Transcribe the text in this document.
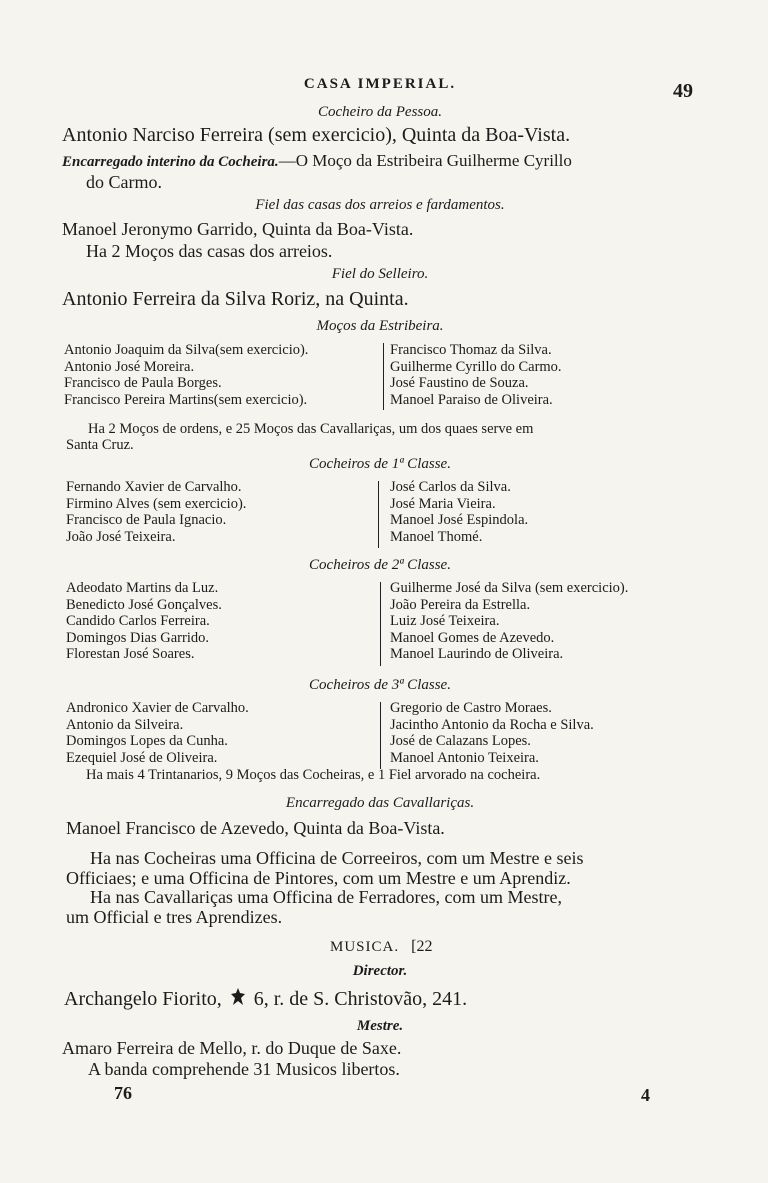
CASA IMPERIAL.	49
Cocheiro da Pessoa.
Antonio Narciso Ferreira (sem exercicio), Quinta da Boa-Vista.
Encarregado interino da Cocheira.—O Moço da Estribeira Guilherme Cyrillo
do Carmo.
Fiel das casas dos arreios e fardamentos.
Manoel Jeronymo Garrido, Quinta da Boa-Vista.
Ha 2 Moços das casas dos arreios.
Fiel do Selleiro.
Antonio Ferreira da Silva Roriz, na Quinta.
Moços da Estribeira.
Antonio Joaquim da Silva(sem exercicio).
Antonio José Moreira.
Francisco de Paula Borges.
Francisco Pereira Martins(sem exercicio).
Francisco Thomaz da Silva.
Guilherme Cyrillo do Carmo.
José Faustino de Souza.
Manoel Paraiso de Oliveira.
Ha 2 Moços de ordens, e 25 Moços das Cavallariças, um dos quaes serve em
Santa Cruz.
Cocheiros de 1ª Classe.
Fernando Xavier de Carvalho.
Firmino Alves (sem exercicio).
Francisco de Paula Ignacio.
João José Teixeira.
José Carlos da Silva.
José Maria Vieira.
Manoel José Espindola.
Manoel Thomé.
Cocheiros de 2ª Classe.
Adeodato Martins da Luz.
Benedicto José Gonçalves.
Candido Carlos Ferreira.
Domingos Dias Garrido.
Florestan José Soares.
Guilherme José da Silva (sem exercicio).
João Pereira da Estrella.
Luiz José Teixeira.
Manoel Gomes de Azevedo.
Manoel Laurindo de Oliveira.
Cocheiros de 3ª Classe.
Andronico Xavier de Carvalho.
Antonio da Silveira.
Domingos Lopes da Cunha.
Ezequiel José de Oliveira.
Gregorio de Castro Moraes.
Jacintho Antonio da Rocha e Silva.
José de Calazans Lopes.
Manoel Antonio Teixeira.
Ha mais 4 Trintanarios, 9 Moços das Cocheiras, e 1 Fiel arvorado na cocheira.
Encarregado das Cavallariças.
Manoel Francisco de Azevedo, Quinta da Boa-Vista.
Ha nas Cocheiras uma Officina de Correeiros, com um Mestre e seis
Officiaes; e uma Officina de Pintores, com um Mestre e um Aprendiz.
Ha nas Cavallariças uma Officina de Ferradores, com um Mestre,
um Official e tres Aprendizes.
MUSICA. [22
Director.
Archangelo Fiorito, 6, r. de S. Christovão, 241.
Mestre.
Amaro Ferreira de Mello, r. do Duque de Saxe.
A banda comprehende 31 Musicos libertos.
76	4
